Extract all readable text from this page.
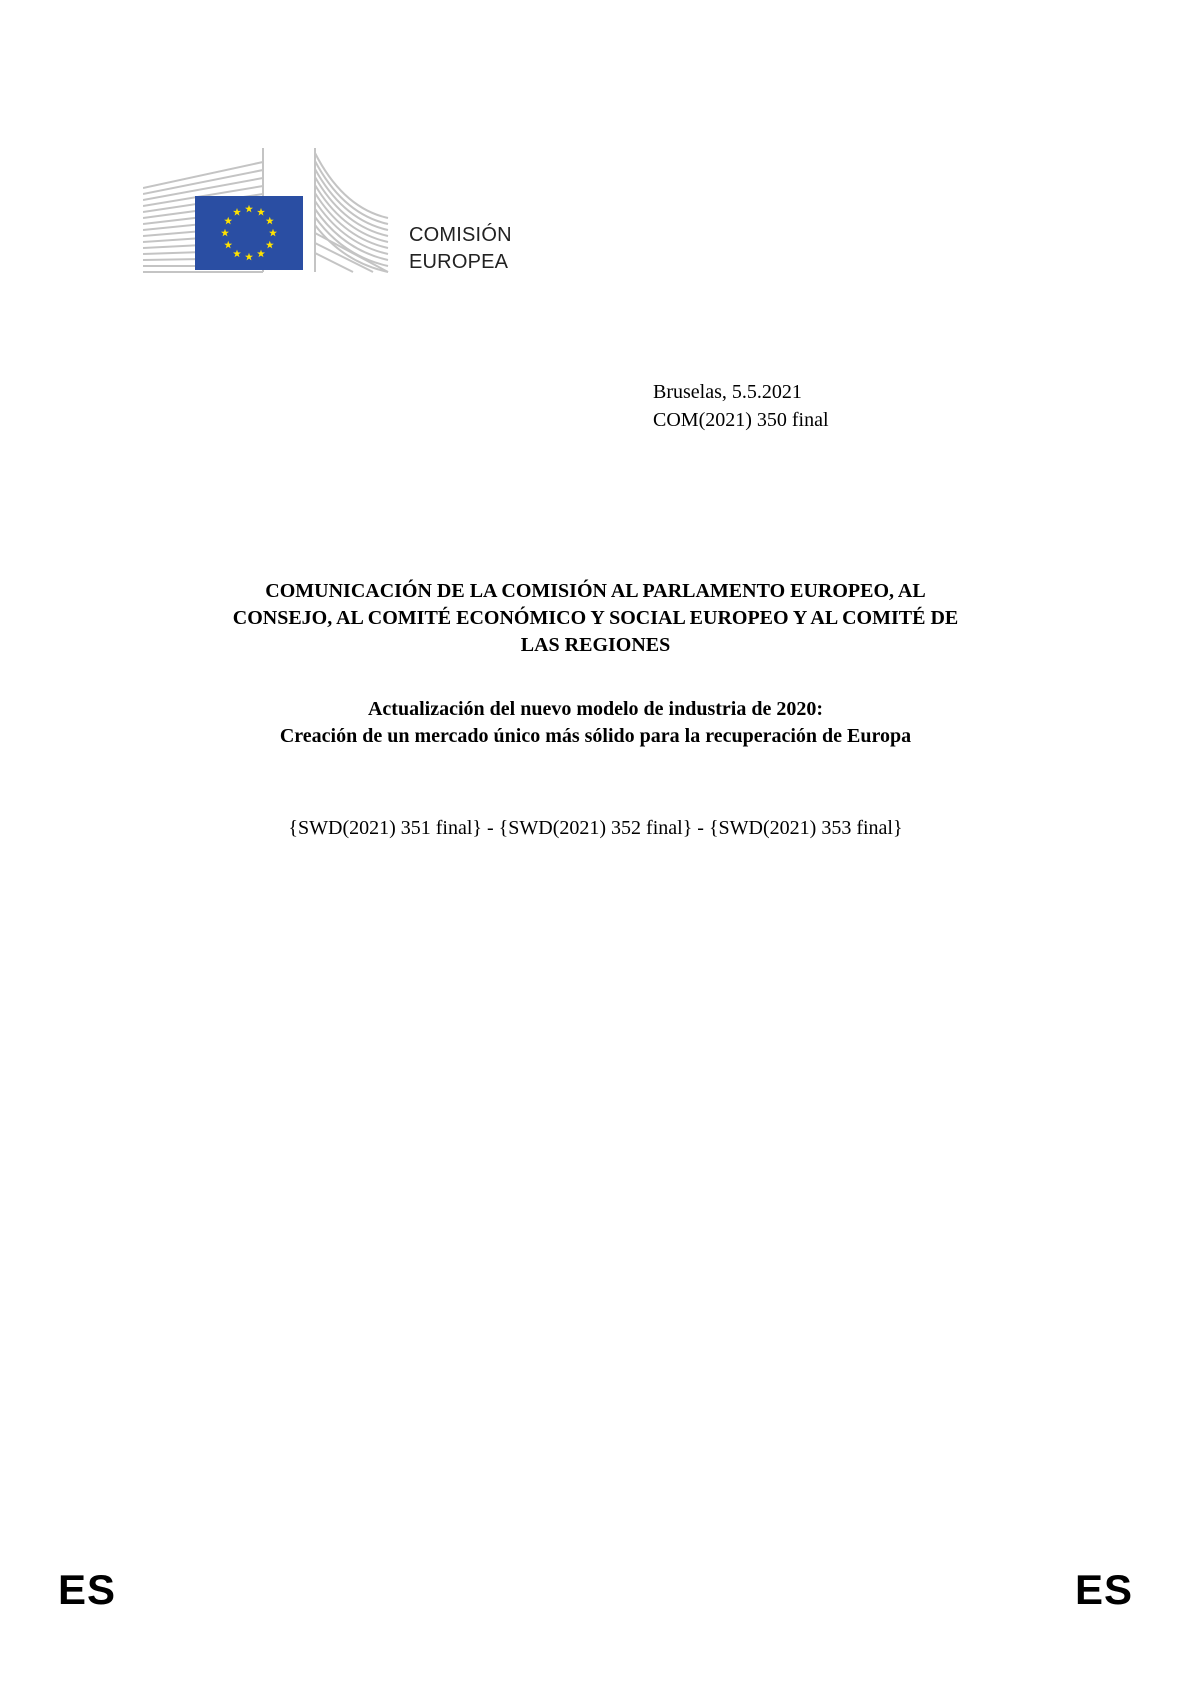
COMISIÓN
EUROPEA
Bruselas, 5.5.2021
COM(2021) 350 final
COMUNICACIÓN DE LA COMISIÓN AL PARLAMENTO EUROPEO, AL
CONSEJO, AL COMITÉ ECONÓMICO Y SOCIAL EUROPEO Y AL COMITÉ DE
LAS REGIONES
Actualización del nuevo modelo de industria de 2020:
Creación de un mercado único más sólido para la recuperación de Europa
{SWD(2021) 351 final} - {SWD(2021) 352 final} - {SWD(2021) 353 final}
ES	ES
